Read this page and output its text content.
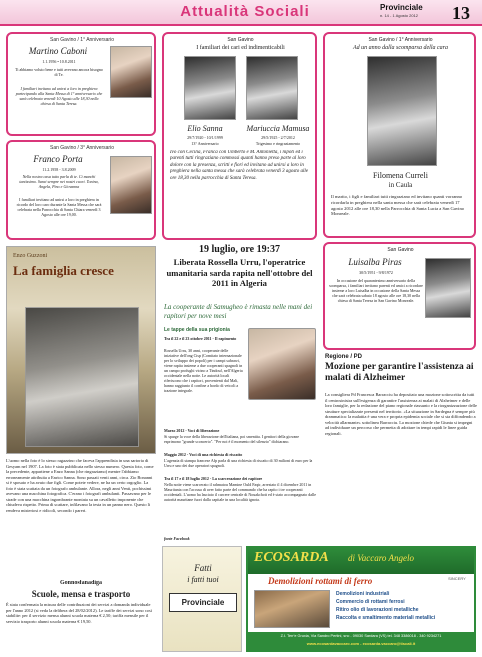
Attualità Sociali	Provinciale
n. 14 - 1 Agosto 2012 13
San Gavino / 1° Anniversario
Martino Caboni
1.1.1956 • 10.8.2011
Ti abbiamo voluto bene e tutti avevano ancora bisogno di Te.
I familiari invitano ad unirsi a loro in preghiera partecipando alla Santa Messa di 1° anniversario che sarà celebrata venerdì 10 Agosto alle 18,30 nella chiesa di Santa Teresa.
San Gavino / 3° Anniversario
Franco Porta
11.2.1958 - 3.8.2009
Nella nostra casa tutto parla di te. Ci manchi tantissimo. Sarai sempre nei nostri cuori. Tonina, Angela, Pino e Giovanna
I familiari invitano ad unirsi a loro in preghiera in ricordo del loro caro durante la Santa Messa che sarà celebrata nella Parrocchia di Santa Chiara venerdì 3 Agosto alle ore 19,00.
San Gavino
I familiari dei cari ed indimenticabili
Elio Sanna
29/7/1920 - 10/1/1999
13° Anniversario
Mariuccia Mamusa
29/5/1925 - 2/7/2012
Trigesimo e ringraziamento
Ivo con Cecilia, Franca con Umberto e M. Antonietta, i nipoti ed i parenti tutti ringraziano commossi quanti hanno preso parte al loro dolore con la presenza, scritti e fiori ed invitano ad unirsi a loro in preghiera nella santa messa che sarà celebrata venerdì 3 agosto alle ore 18,30 nella parrocchia di Santa Teresa.
San Gavino / 1° Anniversario
Ad un anno dalla scomparsa della cara
Filomena Curreli
in Caula
Il marito, i figli e familiari tutti ringraziano ed invitano quanti vorranno ricordarla in preghiera nella santa messa che sarà celebrata venerdì 17 agosto 2012 alle ore 18,30 nella Parrocchia di Santa Lucia a San Gavino Monreale.
San Gavino
Luisalba Piras
30/5/1951 - 9/8/1972
In occasione del quarantesimo anniversario della scomparsa, i familiari invitano parenti ed amici a ricordare insieme a loro Luisalba in occasione della Santa Messa che sarà celebrata sabato 18 agosto alle ore 18,30 nella chiesa di Santa Teresa in San Gavino Monreale.
Enzo Guzzoni
La famiglia cresce
L'uomo nella foto è lo stesso ragazzino che faceva l'apprendista in una sartoria di Gesyam nel 1907. La foto è stata pubblicata nello stesso numero. Questa foto, come la precedente, appartiene a Enzo Sanna (che ringraziamo) mentre l'abbiamo erroneamente attribuita a Enrico Sanna. Sono passati venti anni, circa. Zio Bonanni si è sposato e ha avuto due figli. Come potete vedere, ne ha un certo orgoglio. La foto è stata scattata da un fotografo ambulante. Allora, negli anni Venti, pochissimi avevano una macchina fotografica. C'erano i fotografi ambulanti. Passavano per le strade con una macchina ingombrante montata su un cavalletto imponente che chiudeva rispetto. Prima di scattare, infilavano la testa in un panno nero. Questo li rendeva misteriosi e ridicoli, secondo i pareri.
Gonnosfanadiga
Scuole, mensa e trasporto
È stata confermata la misura delle contribuzioni dei servizi a domanda individuale per l'anno 2012 (si veda la delibera del 28/02/2012). Le tariffe dei servizi sono così stabilite: per il servizio mensa alunni scuola materna € 2,50; tariffa mensile per il servizio trasporto alunni scuola materna € 19,50.
19 luglio, ore 19:37
Liberata Rossella Urru, l'operatrice umanitaria sarda rapita nell'ottobre del 2011 in Algeria
La cooperante di Samugheo è rimasta nelle mani dei rapitori per nove mesi
Le tappe della sua prigionia
Tra il 22 e il 23 ottobre 2011 - Il rapimento
Rossella Urru, 30 anni, cooperante delle iniziative dell'ong Cisp (Comitato internazionale per lo sviluppo dei popoli) per i campi sahrawi, viene rapita insieme a due cooperanti spagnoli in un campo profughi vicino a Tindouf, nell'Algeria occidentale nella notte. Le autorità locali riferiscono che i rapitori, provenienti dal Mali, hanno raggiunto il confine a bordo di veicoli a trazione integrale.
Marzo 2012 - Voci di liberazione
Si sparge la voce della liberazione dell'italiana, poi smentita. I genitori della giovane esprimono "grande sconcerto". "Per noi è il momento del silenzio" dichiarano.
Maggio 2012 - Voci di una richiesta di riscatto
L'agenzia di stampa francese Afp parla di una richiesta di riscatto di 30 milioni di euro per la Urru e uno dei due operatori spagnoli.
Tra il 17 e il 18 luglio 2012 - La scarcerazione dei rapitore
Nella notte viene scarcerato il rahmatou Mamine Ould Faqir, arrestato il 4 dicembre 2011 in Mauritania con l'accusa di aver fatto parte del commando che ha rapito i tre cooperanti occidentali. L'uomo ha lasciato il carcere centrale di Nouakchott ed è stato accompagnato dalle autorità mauritane fuori dalla capitale in una località ignota.
fonte Facebook
Regione / PD
Mozione per garantire l'assistenza ai malati di Alzheimer
La consigliera Pd Francesca Barracciu ha depositato una mozione sottoscritta da tutti il centrosinistra sull'esigenza di garantire l'assistenza ai malati di Alzheimer e delle loro famiglie, per la redazione del piano regionale riassunto e la riorganizzazione delle strutture specializzate presenti nel territorio. «La situazione in Sardegna è sempre più drammatica: la malattia è una vera e propria epidemia sociale che si sta diffondendo a velocità allarmante» sottolinea Barracciu. La mozione chiede che Giunta si impegni ad individuare un percorso che permetta di adottare in tempi rapidi le linee guida regionali.
Fatti
i fatti tuoi
Provinciale
ECOSARDA di Vaccaro Angelo
Demolizioni rottami di ferro	SINCERY
Demolizioni industriali
Commercio di rottami ferrosi
Ritiro olio di lavorazioni metalliche
Raccolta e smaltimento materiali metallici
Z.I. Terr'e Gruxia, Via Sandro Pertini, snc - 09030 Sardara (VS) tel. 348 3386018 - 340 9234271
www.ecosardavaccaro.com - ecosarda.vaccaro@tiscali.it
